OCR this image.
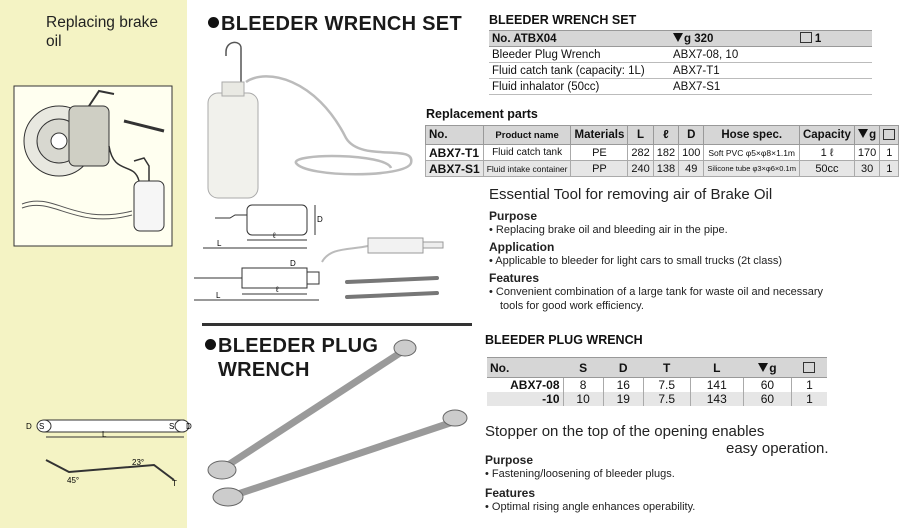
Replacing brake oil
BLEEDER WRENCH SET
D
L
ℓ
D
L
ℓ
BLEEDER WRENCH SET
No. ATBX04	g 320	1
Bleeder Plug Wrench	ABX7-08, 10	
Fluid catch tank (capacity: 1L)	ABX7-T1	
Fluid inhalator (50cc)	ABX7-S1	
Replacement parts
No.	Product name	Materials	L	ℓ	D	Hose spec.	Capacity	g	
ABX7-T1	Fluid catch tank	PE	282	182	100	Soft PVC φ5×φ8×1.1m	1 ℓ	170	1
ABX7-S1	Fluid intake container	PP	240	138	49	Silicone tube φ3×φ6×0.1m	50cc	30	1
Essential Tool for removing air of Brake Oil
Purpose
• Replacing brake oil and bleeding air in the pipe.
Application
• Applicable to bleeder for light cars to small trucks (2t class)
Features
• Convenient combination of a large tank for waste oil and necessary
tools for good work efficiency.
BLEEDER PLUG
WRENCH
D S	S D
L
23°
45°	T
BLEEDER PLUG WRENCH
No.	S	D	T	L	g	
ABX7-08	8	16	7.5	141	60	1
-10	10	19	7.5	143	60	1
Stopper on the top of the opening enables
easy operation.
Purpose
• Fastening/loosening of bleeder plugs.
Features
• Optimal rising angle enhances operability.
